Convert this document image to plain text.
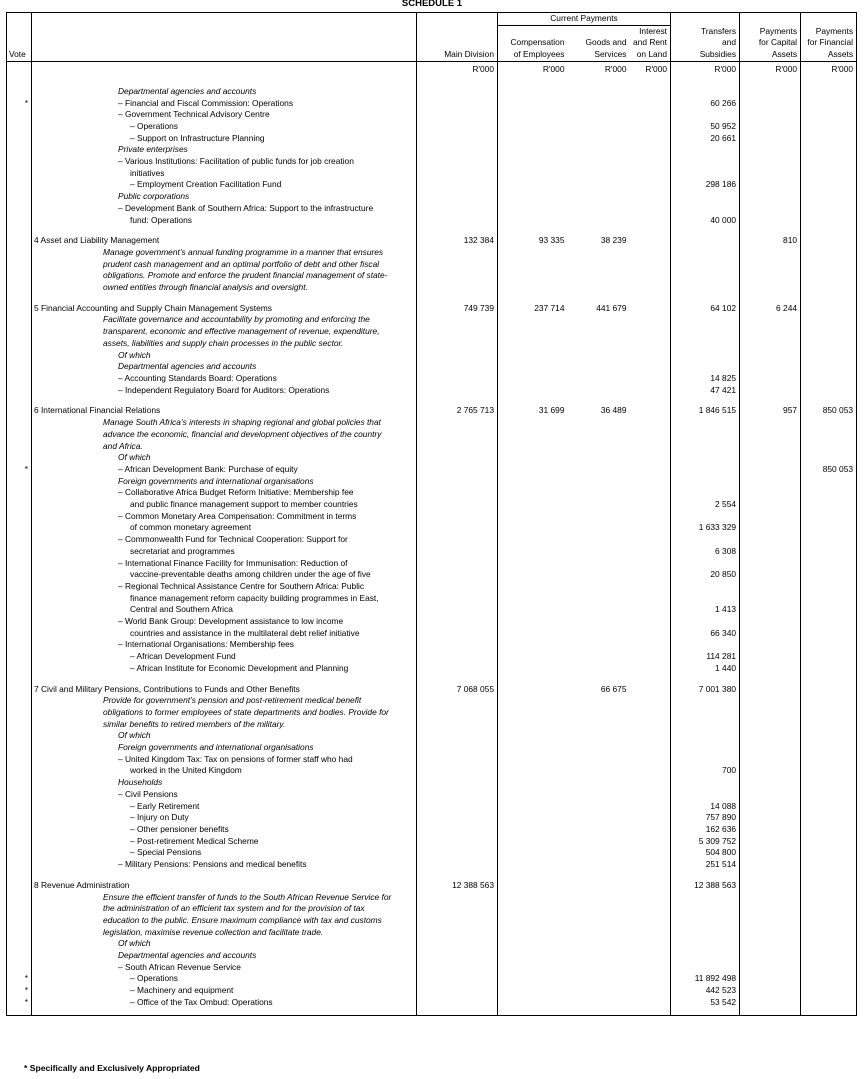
SCHEDULE 1
			Current Payments					
					Interest	Transfers	Payments	Payments
			Compensation	Goods and	and Rent	and	for Capital	for Financial
Vote		Main Division	of Employees	Services	on Land	Subsidies	Assets	Assets
		R'000	R'000	R'000	R'000	R'000	R'000	R'000

	Departmental agencies and accounts							
*	– Financial and Fiscal Commission: Operations					60 266		
	– Government Technical Advisory Centre							
	– Operations					50 952		
	– Support on Infrastructure Planning					20 661		
	Private enterprises							
	– Various Institutions: Facilitation of public funds for job creation							
	initiatives							
	– Employment Creation Facilitation Fund					298 186		
	Public corporations							
	– Development Bank of Southern Africa: Support to the infrastructure							
	fund: Operations					40 000		

	4 Asset and Liability Management	132 384	93 335	38 239			810	
	Manage government’s annual funding programme in a manner that ensures							
	prudent cash management and an optimal portfolio of debt and other fiscal							
	obligations. Promote and enforce the prudent financial management of state-							
	owned entities through financial analysis and oversight.							

	5 Financial Accounting and Supply Chain Management Systems	749 739	237 714	441 679		64 102	6 244	
	Facilitate governance and accountability by promoting and enforcing the							
	transparent, economic and effective management of revenue, expenditure,							
	assets, liabilities and supply chain processes in the public sector.							
	Of which							
	Departmental agencies and accounts							
	– Accounting Standards Board: Operations					14 825		
	– Independent Regulatory Board for Auditors: Operations					47 421		

	6 International Financial Relations	2 765 713	31 699	36 489		1 846 515	957	850 053
	Manage South Africa’s interests in shaping regional and global policies that							
	advance the economic, financial and development objectives of the country							
	and Africa.							
	Of which							
*	– African Development Bank: Purchase of equity							850 053
	Foreign governments and international organisations							
	– Collaborative Africa Budget Reform Initiative: Membership fee							
	and public finance management support to member countries					2 554		
	– Common Monetary Area Compensation: Commitment in terms							
	of common monetary agreement					1 633 329		
	– Commonwealth Fund for Technical Cooperation: Support for							
	secretariat and programmes					6 308		
	– International Finance Facility for Immunisation: Reduction of							
	vaccine-preventable deaths among children under the age of five					20 850		
	– Regional Technical Assistance Centre for Southern Africa: Public							
	finance management reform capacity building programmes in East,							
	Central and Southern Africa					1 413		
	– World Bank Group: Development assistance to low income							
	countries and assistance in the multilateral debt relief initiative					66 340		
	– International Organisations: Membership fees							
	– African Development Fund					114 281		
	– African Institute for Economic Development and Planning					1 440		

	7 Civil and Military Pensions, Contributions to Funds and Other Benefits	7 068 055		66 675		7 001 380		
	Provide for government’s pension and post-retirement medical benefit							
	obligations to former employees of state departments and bodies. Provide for							
	similar benefits to retired members of the military.							
	Of which							
	Foreign governments and international organisations							
	– United Kingdom Tax: Tax on pensions of former staff who had							
	worked in the United Kingdom					700		
	Households							
	– Civil Pensions							
	– Early Retirement					14 088		
	– Injury on Duty					757 890		
	– Other pensioner benefits					162 636		
	– Post-retirement Medical Scheme					5 309 752		
	– Special Pensions					504 800		
	– Military Pensions: Pensions and medical benefits					251 514		

	8 Revenue Administration	12 388 563				12 388 563		
	Ensure the efficient transfer of funds to the South African Revenue Service for							
	the administration of an efficient tax system and for the provision of tax							
	education to the public. Ensure maximum compliance with tax and customs							
	legislation, maximise revenue collection and facilitate trade.							
	Of which							
	Departmental agencies and accounts							
	– South African Revenue Service							
*	– Operations					11 892 498		
*	– Machinery and equipment					442 523		
*	– Office of the Tax Ombud: Operations					53 542		

* Specifically and Exclusively Appropriated
